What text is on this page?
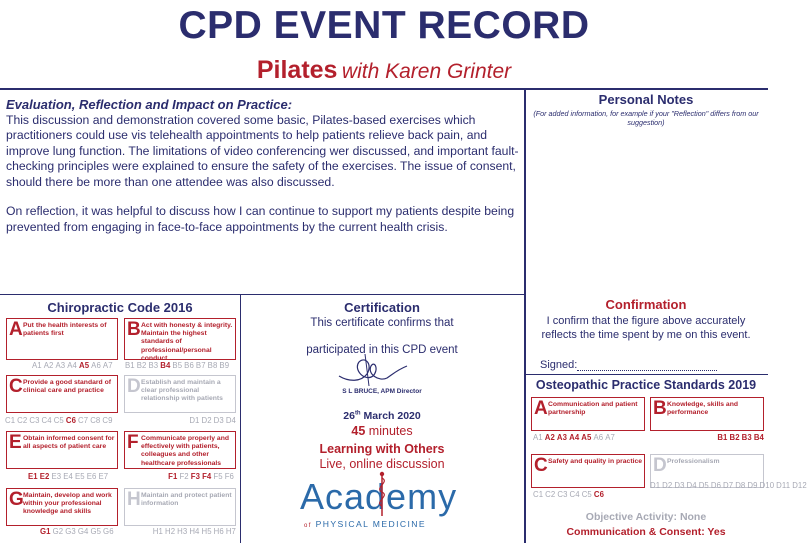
CPD EVENT RECORD
Pilates with Karen Grinter
Evaluation, Reflection and Impact on Practice:

This discussion and demonstration covered some basic, Pilates-based exercises which practitioners could use vis telehealth appointments to help patients relieve back pain, and improve lung function. The limitations of video conferencing wer discussed, and important fault-checking principles were explained to ensure the safety of the exercises. The issue of consent, should there be more than one attendee was also discussed.

On reflection, it was helpful to discuss how I can continue to support my patients despite being prevented from engaging in face-to-face appointments by the current health crisis.

Personal Notes
(For added information, for example if your "Reflection" differs from our suggestion)
Chiropractic Code 2016
A Put the health interests of patients first
A1 A2 A3 A4 A5 A6 A7
B Act with honesty & integrity. Maintain the highest standards of professional/personal conduct
B1 B2 B3 B4 B5 B6 B7 B8 B9
C Provide a good standard of clinical care and practice
C1 C2 C3 C4 C5 C6 C7 C8 C9
D Establish and maintain a clear professional relationship with patients
D1 D2 D3 D4
E Obtain informed consent for all aspects of patient care
E1 E2 E3 E4 E5 E6 E7
F Communicate properly and effectively with patients, colleagues and other healthcare professionals
F1 F2 F3 F4 F5 F6
G Maintain, develop and work within your professional knowledge and skills
G1 G2 G3 G4 G5 G6
H Maintain and protect patient information
H1 H2 H3 H4 H5 H6 H7
Certification
This certificate confirms that
participated in this CPD event
S L BRUCE, APM Director
26th March 2020
45 minutes
Learning with Others
Live, online discussion
Academy
of PHYSICAL MEDICINE
Confirmation
I confirm that the figure above accurately reflects the time spent by me on this event.
Signed:
Osteopathic Practice Standards 2019
A Communication and patient partnership
A1 A2 A3 A4 A5 A6 A7
B Knowledge, skills and performance
B1 B2 B3 B4
C Safety and quality in practice
C1 C2 C3 C4 C5 C6
D Professionalism
D1 D2 D3 D4 D5 D6 D7 D8 D9 D10 D11 D12
Objective Activity: None
Communication & Consent: Yes
